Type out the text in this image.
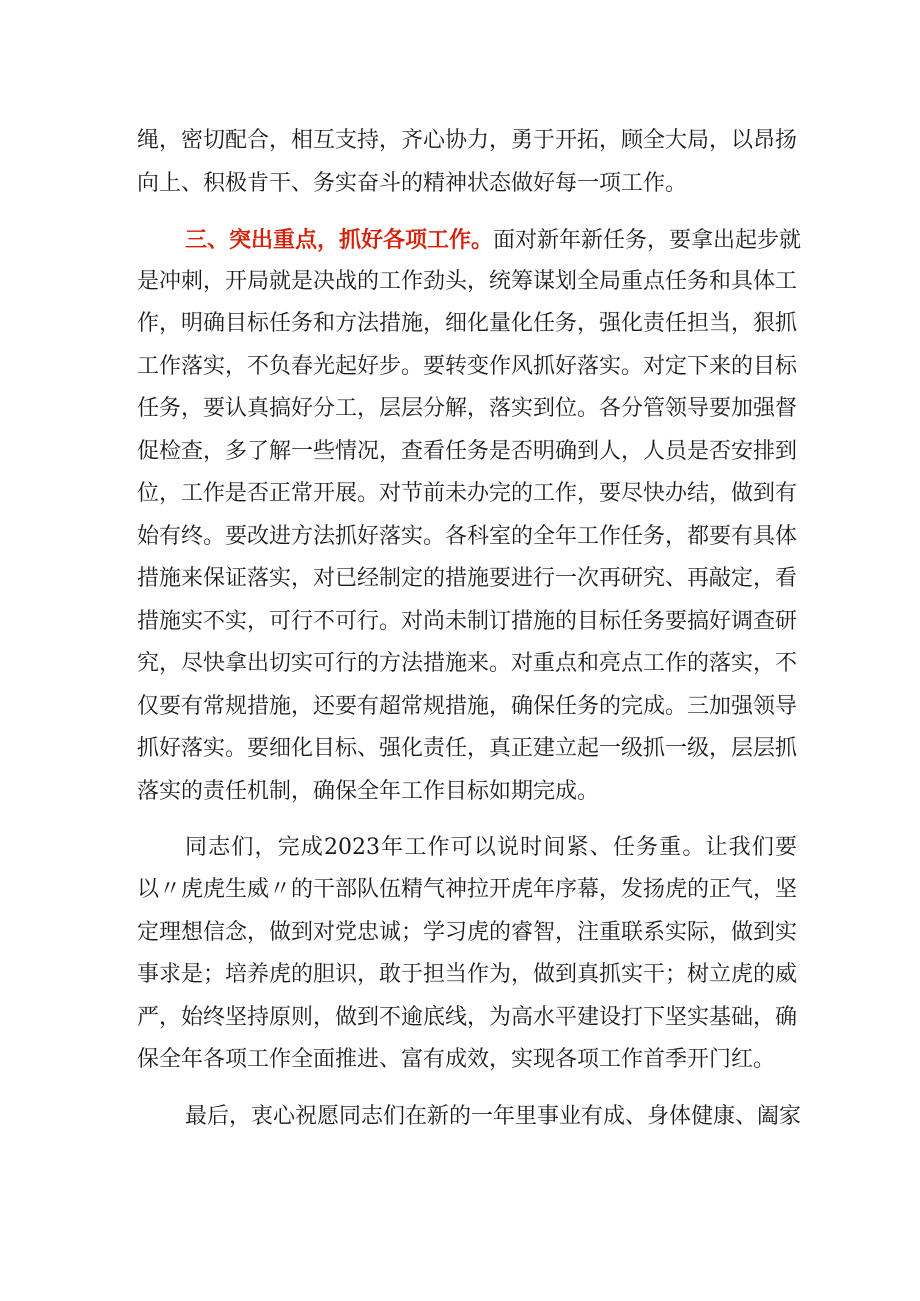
绳，密切配合，相互支持，齐心协力，勇于开拓，顾全大局，以昂扬
向上、积极肯干、务实奋斗的精神状态做好每一项工作。
三、突出重点，抓好各项工作。面对新年新任务，要拿出起步就
是冲刺，开局就是决战的工作劲头，统筹谋划全局重点任务和具体工
作，明确目标任务和方法措施，细化量化任务，强化责任担当，狠抓
工作落实，不负春光起好步。要转变作风抓好落实。对定下来的目标
任务，要认真搞好分工，层层分解，落实到位。各分管领导要加强督
促检查，多了解一些情况，查看任务是否明确到人，人员是否安排到
位，工作是否正常开展。对节前未办完的工作，要尽快办结，做到有
始有终。要改进方法抓好落实。各科室的全年工作任务，都要有具体
措施来保证落实，对已经制定的措施要进行一次再研究、再敲定，看
措施实不实，可行不可行。对尚未制订措施的目标任务要搞好调查研
究，尽快拿出切实可行的方法措施来。对重点和亮点工作的落实，不
仅要有常规措施，还要有超常规措施，确保任务的完成。三加强领导
抓好落实。要细化目标、强化责任，真正建立起一级抓一级，层层抓
落实的责任机制，确保全年工作目标如期完成。
同志们，完成2023年工作可以说时间紧、任务重。让我们要
以〃虎虎生威〃的干部队伍精气神拉开虎年序幕，发扬虎的正气，坚
定理想信念，做到对党忠诚；学习虎的睿智，注重联系实际，做到实
事求是；培养虎的胆识，敢于担当作为，做到真抓实干；树立虎的威
严，始终坚持原则，做到不逾底线，为高水平建设打下坚实基础，确
保全年各项工作全面推进、富有成效，实现各项工作首季开门红。
最后，衷心祝愿同志们在新的一年里事业有成、身体健康、阖家
